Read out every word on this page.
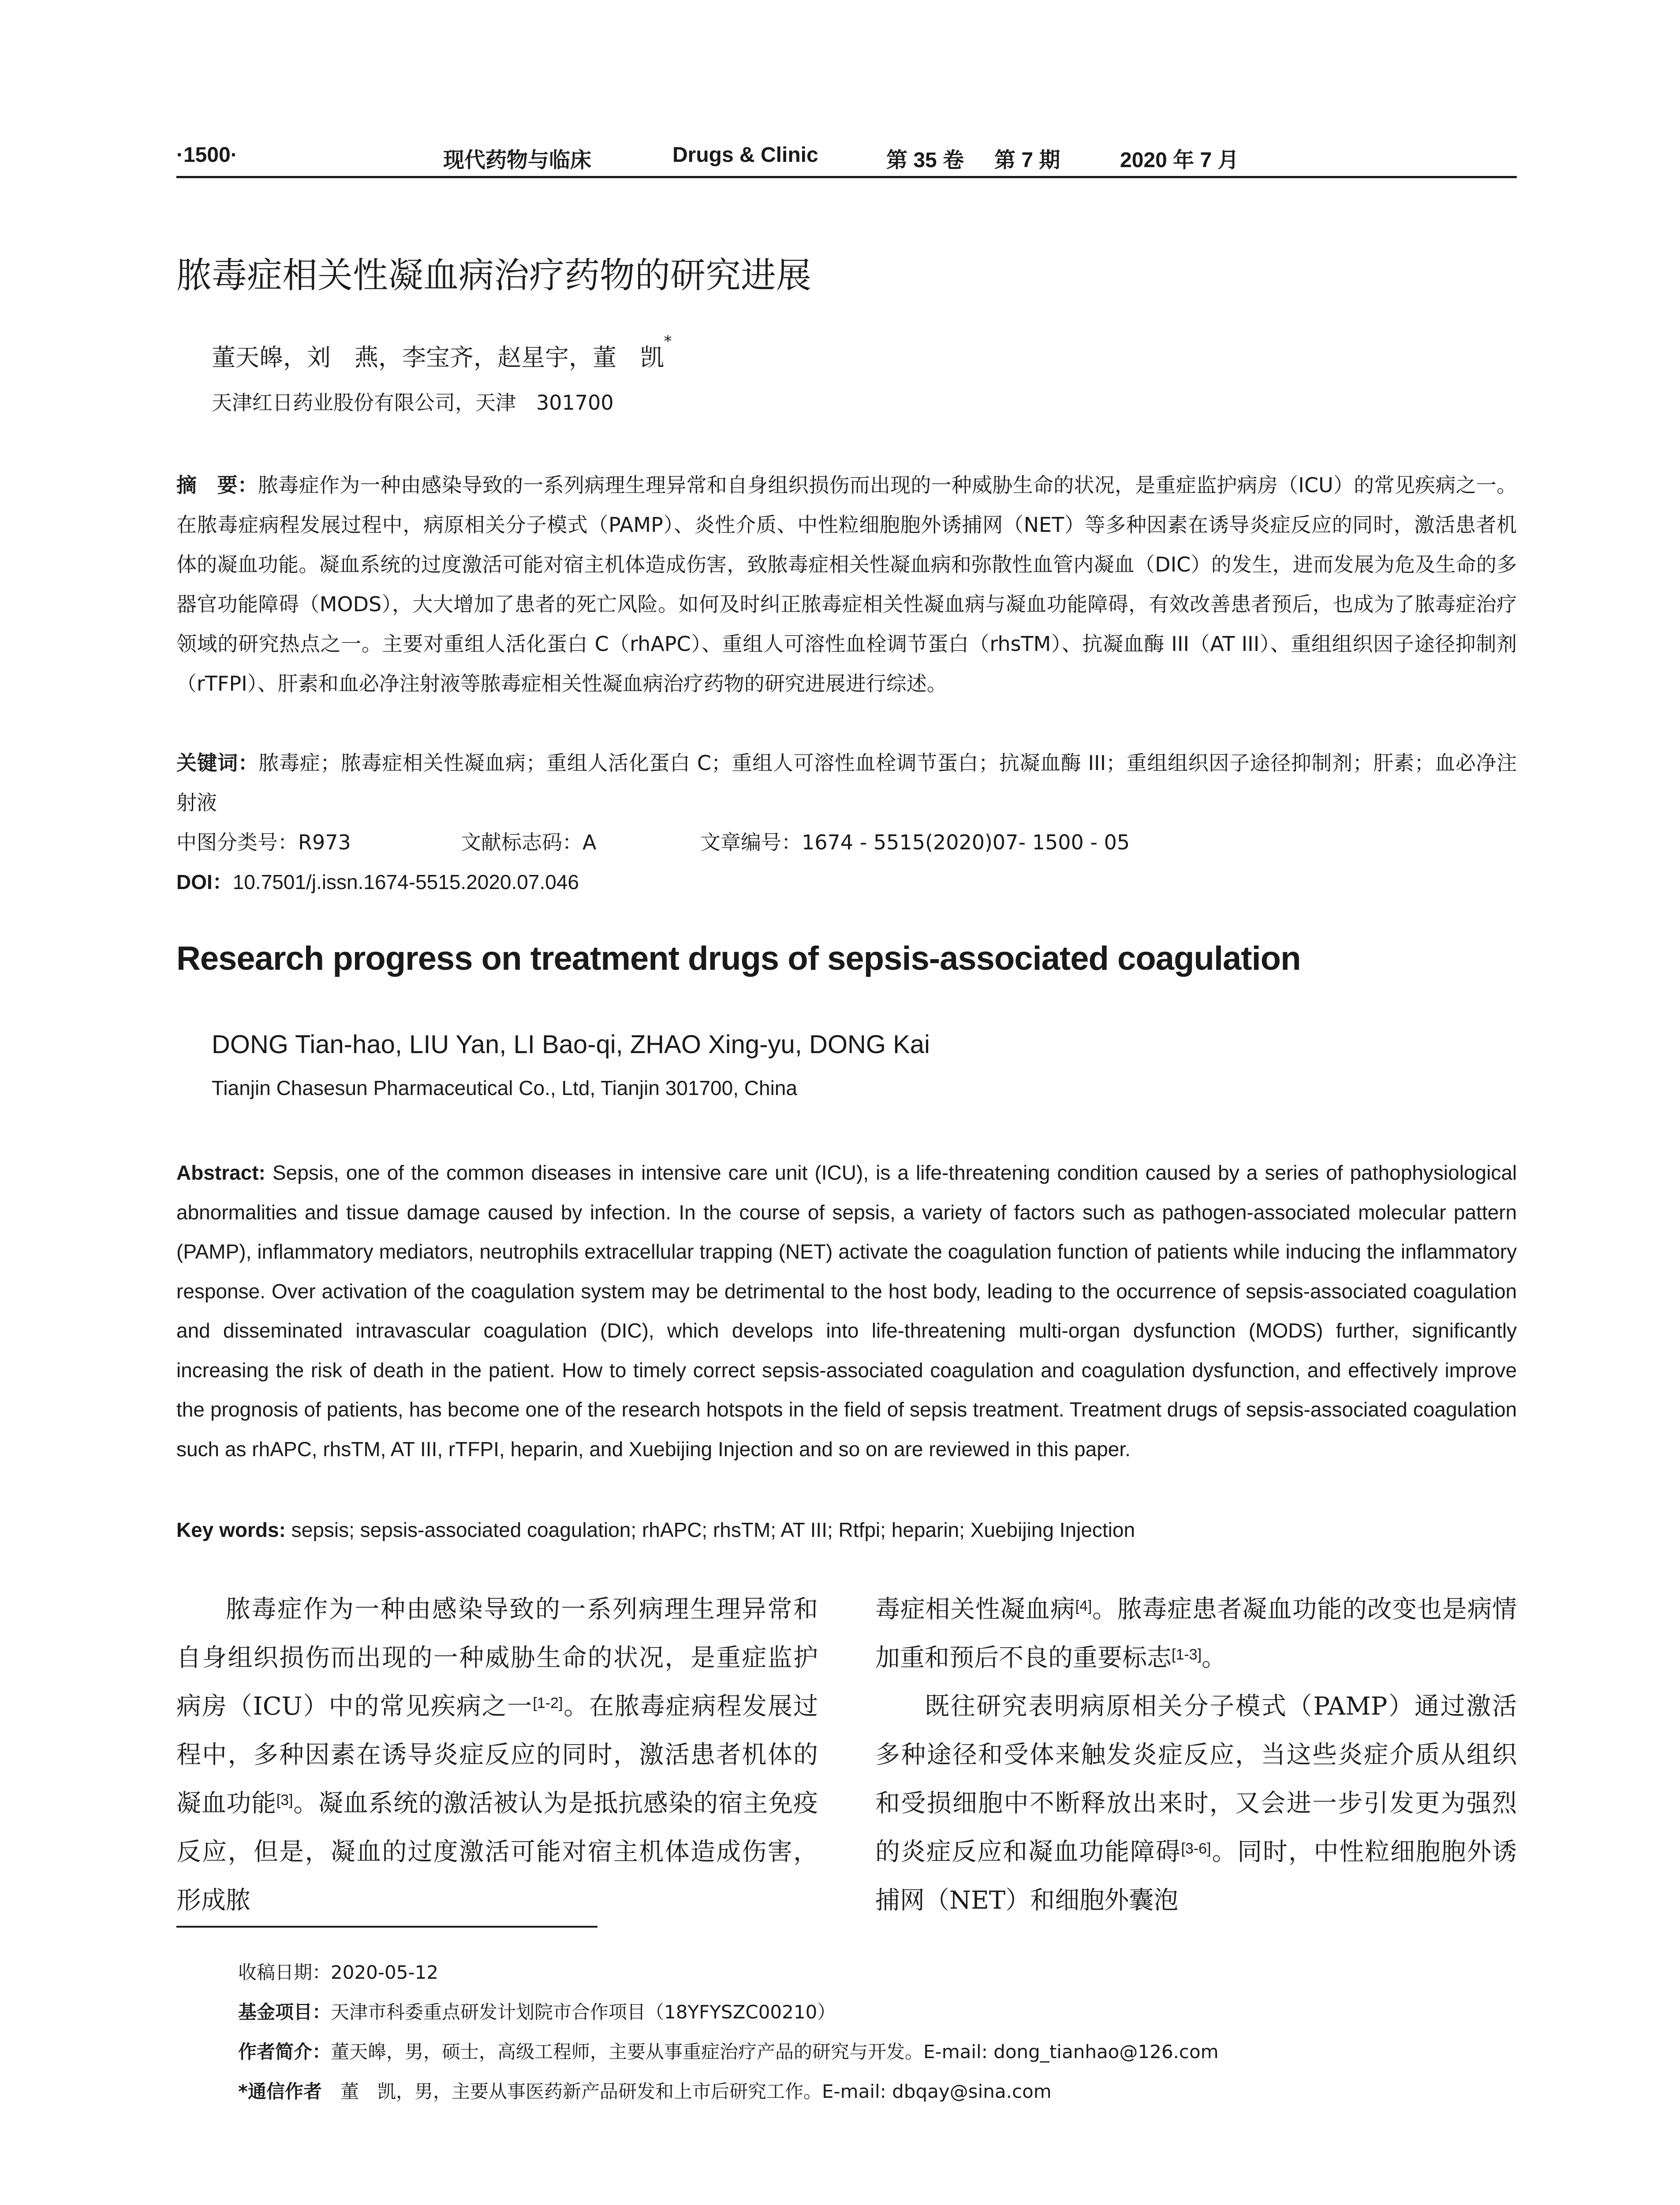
·1500·	现代药物与临床	Drugs & Clinic	第 35 卷 第 7 期	2020 年 7 月
脓毒症相关性凝血病治疗药物的研究进展
董天皞，刘　燕，李宝齐，赵星宇，董　凯*
天津红日药业股份有限公司，天津　301700
摘　要：脓毒症作为一种由感染导致的一系列病理生理异常和自身组织损伤而出现的一种威胁生命的状况，是重症监护病房（ICU）的常见疾病之一。在脓毒症病程发展过程中，病原相关分子模式（PAMP）、炎性介质、中性粒细胞胞外诱捕网（NET）等多种因素在诱导炎症反应的同时，激活患者机体的凝血功能。凝血系统的过度激活可能对宿主机体造成伤害，致脓毒症相关性凝血病和弥散性血管内凝血（DIC）的发生，进而发展为危及生命的多器官功能障碍（MODS），大大增加了患者的死亡风险。如何及时纠正脓毒症相关性凝血病与凝血功能障碍，有效改善患者预后，也成为了脓毒症治疗领域的研究热点之一。主要对重组人活化蛋白 C（rhAPC）、重组人可溶性血栓调节蛋白（rhsTM）、抗凝血酶 III（AT III）、重组组织因子途径抑制剂（rTFPI）、肝素和血必净注射液等脓毒症相关性凝血病治疗药物的研究进展进行综述。
关键词：脓毒症；脓毒症相关性凝血病；重组人活化蛋白 C；重组人可溶性血栓调节蛋白；抗凝血酶 III；重组组织因子途径抑制剂；肝素；血必净注射液
中图分类号：R973	文献标志码：A	文章编号：1674 - 5515(2020)07- 1500 - 05
DOI：10.7501/j.issn.1674-5515.2020.07.046
Research progress on treatment drugs of sepsis-associated coagulation
DONG Tian-hao, LIU Yan, LI Bao-qi, ZHAO Xing-yu, DONG Kai
Tianjin Chasesun Pharmaceutical Co., Ltd, Tianjin 301700, China
Abstract: Sepsis, one of the common diseases in intensive care unit (ICU), is a life-threatening condition caused by a series of pathophysiological abnormalities and tissue damage caused by infection. In the course of sepsis, a variety of factors such as pathogen-associated molecular pattern (PAMP), inflammatory mediators, neutrophils extracellular trapping (NET) activate the coagulation function of patients while inducing the inflammatory response. Over activation of the coagulation system may be detrimental to the host body, leading to the occurrence of sepsis-associated coagulation and disseminated intravascular coagulation (DIC), which develops into life-threatening multi-organ dysfunction (MODS) further, significantly increasing the risk of death in the patient. How to timely correct sepsis-associated coagulation and coagulation dysfunction, and effectively improve the prognosis of patients, has become one of the research hotspots in the field of sepsis treatment. Treatment drugs of sepsis-associated coagulation such as rhAPC, rhsTM, AT III, rTFPI, heparin, and Xuebijing Injection and so on are reviewed in this paper.
Key words: sepsis; sepsis-associated coagulation; rhAPC; rhsTM; AT III; Rtfpi; heparin; Xuebijing Injection

脓毒症作为一种由感染导致的一系列病理生理异常和自身组织损伤而出现的一种威胁生命的状况，是重症监护病房（ICU）中的常见疾病之一[1-2]。在脓毒症病程发展过程中，多种因素在诱导炎症反应的同时，激活患者机体的凝血功能[3]。凝血系统的激活被认为是抵抗感染的宿主免疫反应，但是，凝血的过度激活可能对宿主机体造成伤害，形成脓

毒症相关性凝血病[4]。脓毒症患者凝血功能的改变也是病情加重和预后不良的重要标志[1-3]。

既往研究表明病原相关分子模式（PAMP）通过激活多种途径和受体来触发炎症反应，当这些炎症介质从组织和受损细胞中不断释放出来时，又会进一步引发更为强烈的炎症反应和凝血功能障碍[3-6]。同时，中性粒细胞胞外诱捕网（NET）和细胞外囊泡

收稿日期：2020-05-12
基金项目：天津市科委重点研发计划院市合作项目（18YFYSZC00210）
作者简介：董天皞，男，硕士，高级工程师，主要从事重症治疗产品的研究与开发。E-mail: dong_tianhao@126.com
*通信作者　董　凯，男，主要从事医药新产品研发和上市后研究工作。E-mail: dbqay@sina.com
